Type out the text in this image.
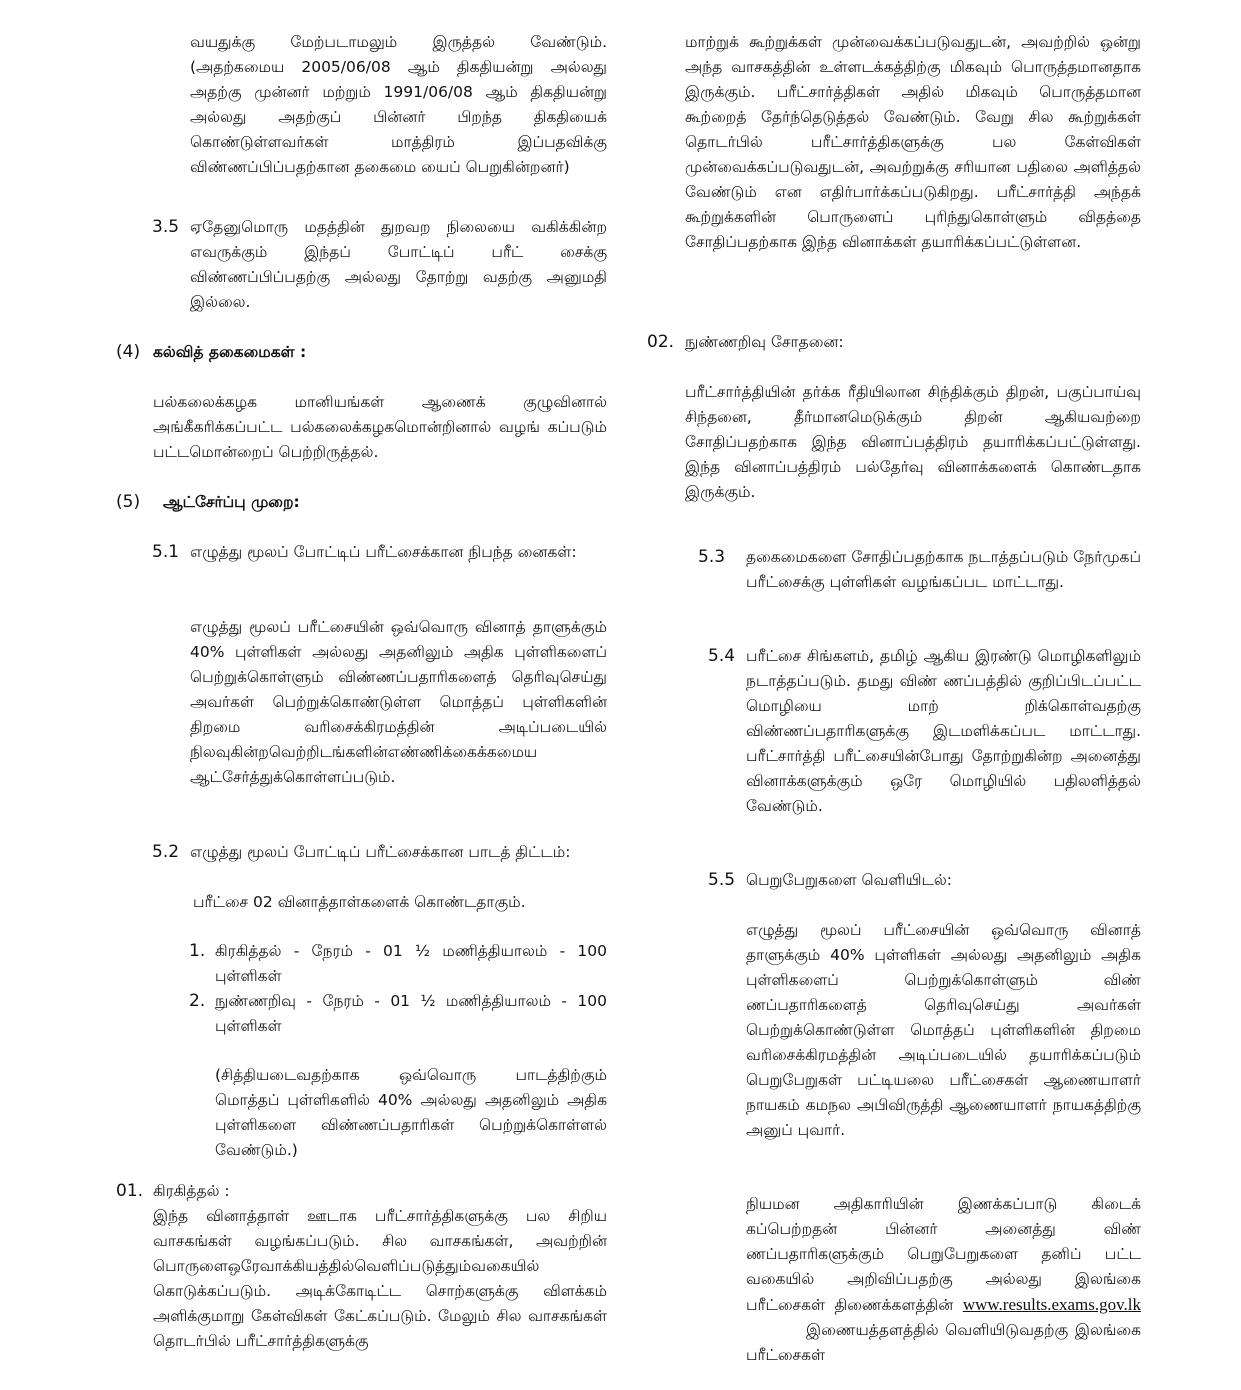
வயதுக்கு மேற்படாமலும் இருத்தல் வேண்டும். (அதற்கமைய 2005/06/08 ஆம் திகதியன்று அல்லது அதற்கு முன்னர் மற்றும் 1991/06/08 ஆம் திகதியன்று அல்லது அதற்குப் பின்னர் பிறந்த திகதியைக் கொண்டுள்ளவர்கள் மாத்திரம் இப்பதவிக்கு விண்ணப்பிப்பதற்கான தகைமை யைப் பெறுகின்றனர்)
3.5 ஏதேனுமொரு மதத்தின் துறவற நிலையை வகிக்கின்ற எவருக்கும் இந்தப் போட்டிப் பரீட் சைக்கு விண்ணப்பிப்பதற்கு அல்லது தோற்று வதற்கு அனுமதி இல்லை.
(4) கல்வித் தகைமைகள் :
பல்கலைக்கழக மானியங்கள் ஆணைக் குழுவினால் அங்கீகரிக்கப்பட்ட பல்கலைக்கழகமொன்றினால் வழங் கப்படும் பட்டமொன்றைப் பெற்றிருத்தல்.
(5) ஆட்சேர்ப்பு முறை:
5.1 எழுத்து மூலப் போட்டிப் பரீட்சைக்கான நிபந்த னைகள்:
எழுத்து மூலப் பரீட்சையின் ஒவ்வொரு வினாத் தாளுக்கும் 40% புள்ளிகள் அல்லது அதனிலும் அதிக புள்ளிகளைப் பெற்றுக்கொள்ளும் விண்ணப்பதாரிகளைத் தெரிவுசெய்து அவர்கள் பெற்றுக்கொண்டுள்ள மொத்தப் புள்ளிகளின் திறமை வரிசைக்கிரமத்தின் அடிப்படையில் நிலவுகின்றவெற்றிடங்களின்எண்ணிக்கைக்கமைய ஆட்சேர்த்துக்கொள்ளப்படும்.
5.2 எழுத்து மூலப் போட்டிப் பரீட்சைக்கான பாடத் திட்டம்:
பரீட்சை 02 வினாத்தாள்களைக் கொண்டதாகும்.
1. கிரகித்தல் - நேரம் - 01 ½ மணித்தியாலம் - 100 புள்ளிகள்
2. நுண்ணறிவு - நேரம் - 01 ½ மணித்தியாலம் - 100 புள்ளிகள்
(சித்தியடைவதற்காக ஒவ்வொரு பாடத்திற்கும் மொத்தப் புள்ளிகளில் 40% அல்லது அதனிலும் அதிக புள்ளிகளை விண்ணப்பதாரிகள் பெற்றுக்கொள்ளல் வேண்டும்.)
01. கிரகித்தல் :
இந்த வினாத்தாள் ஊடாக பரீட்சார்த்திகளுக்கு பல சிறிய வாசகங்கள் வழங்கப்படும். சில வாசகங்கள், அவற்றின் பொருளைஒரேவாக்கியத்தில்வெளிப்படுத்தும்வகையில் கொடுக்கப்படும். அடிக்கோடிட்ட சொற்களுக்கு விளக்கம் அளிக்குமாறு கேள்விகள் கேட்கப்படும். மேலும் சில வாசகங்கள் தொடர்பில் பரீட்சார்த்திகளுக்கு
மாற்றுக் கூற்றுக்கள் முன்வைக்கப்படுவதுடன், அவற்றில் ஒன்று அந்த வாசகத்தின் உள்ளடக்கத்திற்கு மிகவும் பொருத்தமானதாக இருக்கும். பரீட்சார்த்திகள் அதில் மிகவும் பொருத்தமான கூற்றைத் தேர்ந்தெடுத்தல் வேண்டும். வேறு சில கூற்றுக்கள் தொடர்பில் பரீட்சார்த்திகளுக்கு பல கேள்விகள் முன்வைக்கப்படுவதுடன், அவற்றுக்கு சரியான பதிலை அளித்தல் வேண்டும் என எதிர்பார்க்கப்படுகிறது. பரீட்சார்த்தி அந்தக் கூற்றுக்களின் பொருளைப் புரிந்துகொள்ளும் விதத்தை சோதிப்பதற்காக இந்த வினாக்கள் தயாரிக்கப்பட்டுள்ளன.
02. நுண்ணறிவு சோதனை:
பரீட்சார்த்தியின் தர்க்க ரீதியிலான சிந்திக்கும் திறன், பகுப்பாய்வு சிந்தனை, தீர்மானமெடுக்கும் திறன் ஆகியவற்றை சோதிப்பதற்காக இந்த வினாப்பத்திரம் தயாரிக்கப்பட்டுள்ளது. இந்த வினாப்பத்திரம் பல்தேர்வு வினாக்களைக் கொண்டதாக இருக்கும்.
5.3 தகைமைகளை சோதிப்பதற்காக நடாத்தப்படும் நேர்முகப் பரீட்சைக்கு புள்ளிகள் வழங்கப்பட மாட்டாது.
5.4 பரீட்சை சிங்களம், தமிழ் ஆகிய இரண்டு மொழிகளிலும் நடாத்தப்படும். தமது விண் ணப்பத்தில் குறிப்பிடப்பட்ட மொழியை மாற் றிக்கொள்வதற்கு விண்ணப்பதாரிகளுக்கு இடமளிக்கப்பட மாட்டாது. பரீட்சார்த்தி பரீட்சையின்போது தோற்றுகின்ற அனைத்து வினாக்களுக்கும் ஒரே மொழியில் பதிலளித்தல் வேண்டும்.
5.5 பெறுபேறுகளை வெளியிடல்:
எழுத்து மூலப் பரீட்சையின் ஒவ்வொரு வினாத் தாளுக்கும் 40% புள்ளிகள் அல்லது அதனிலும் அதிக புள்ளிகளைப் பெற்றுக்கொள்ளும் விண் ணப்பதாரிகளைத் தெரிவுசெய்து அவர்கள் பெற்றுக்கொண்டுள்ள மொத்தப் புள்ளிகளின் திறமை வரிசைக்கிரமத்தின் அடிப்படையில் தயாரிக்கப்படும் பெறுபேறுகள் பட்டியலை பரீட்சைகள் ஆணையாளர் நாயகம் கமநல அபிவிருத்தி ஆணையாளர் நாயகத்திற்கு அனுப் புவார்.
நியமன அதிகாரியின் இணக்கப்பாடு கிடைக் கப்பெற்றதன் பின்னர் அனைத்து விண் ணப்பதாரிகளுக்கும் பெறுபேறுகளை தனிப் பட்ட வகையில் அறிவிப்பதற்கு அல்லது இலங்கை பரீட்சைகள் திணைக்களத்தின் www.results.exams.gov.lk          இணையத்தளத்தில் வெளியிடுவதற்கு இலங்கை பரீட்சைகள்
